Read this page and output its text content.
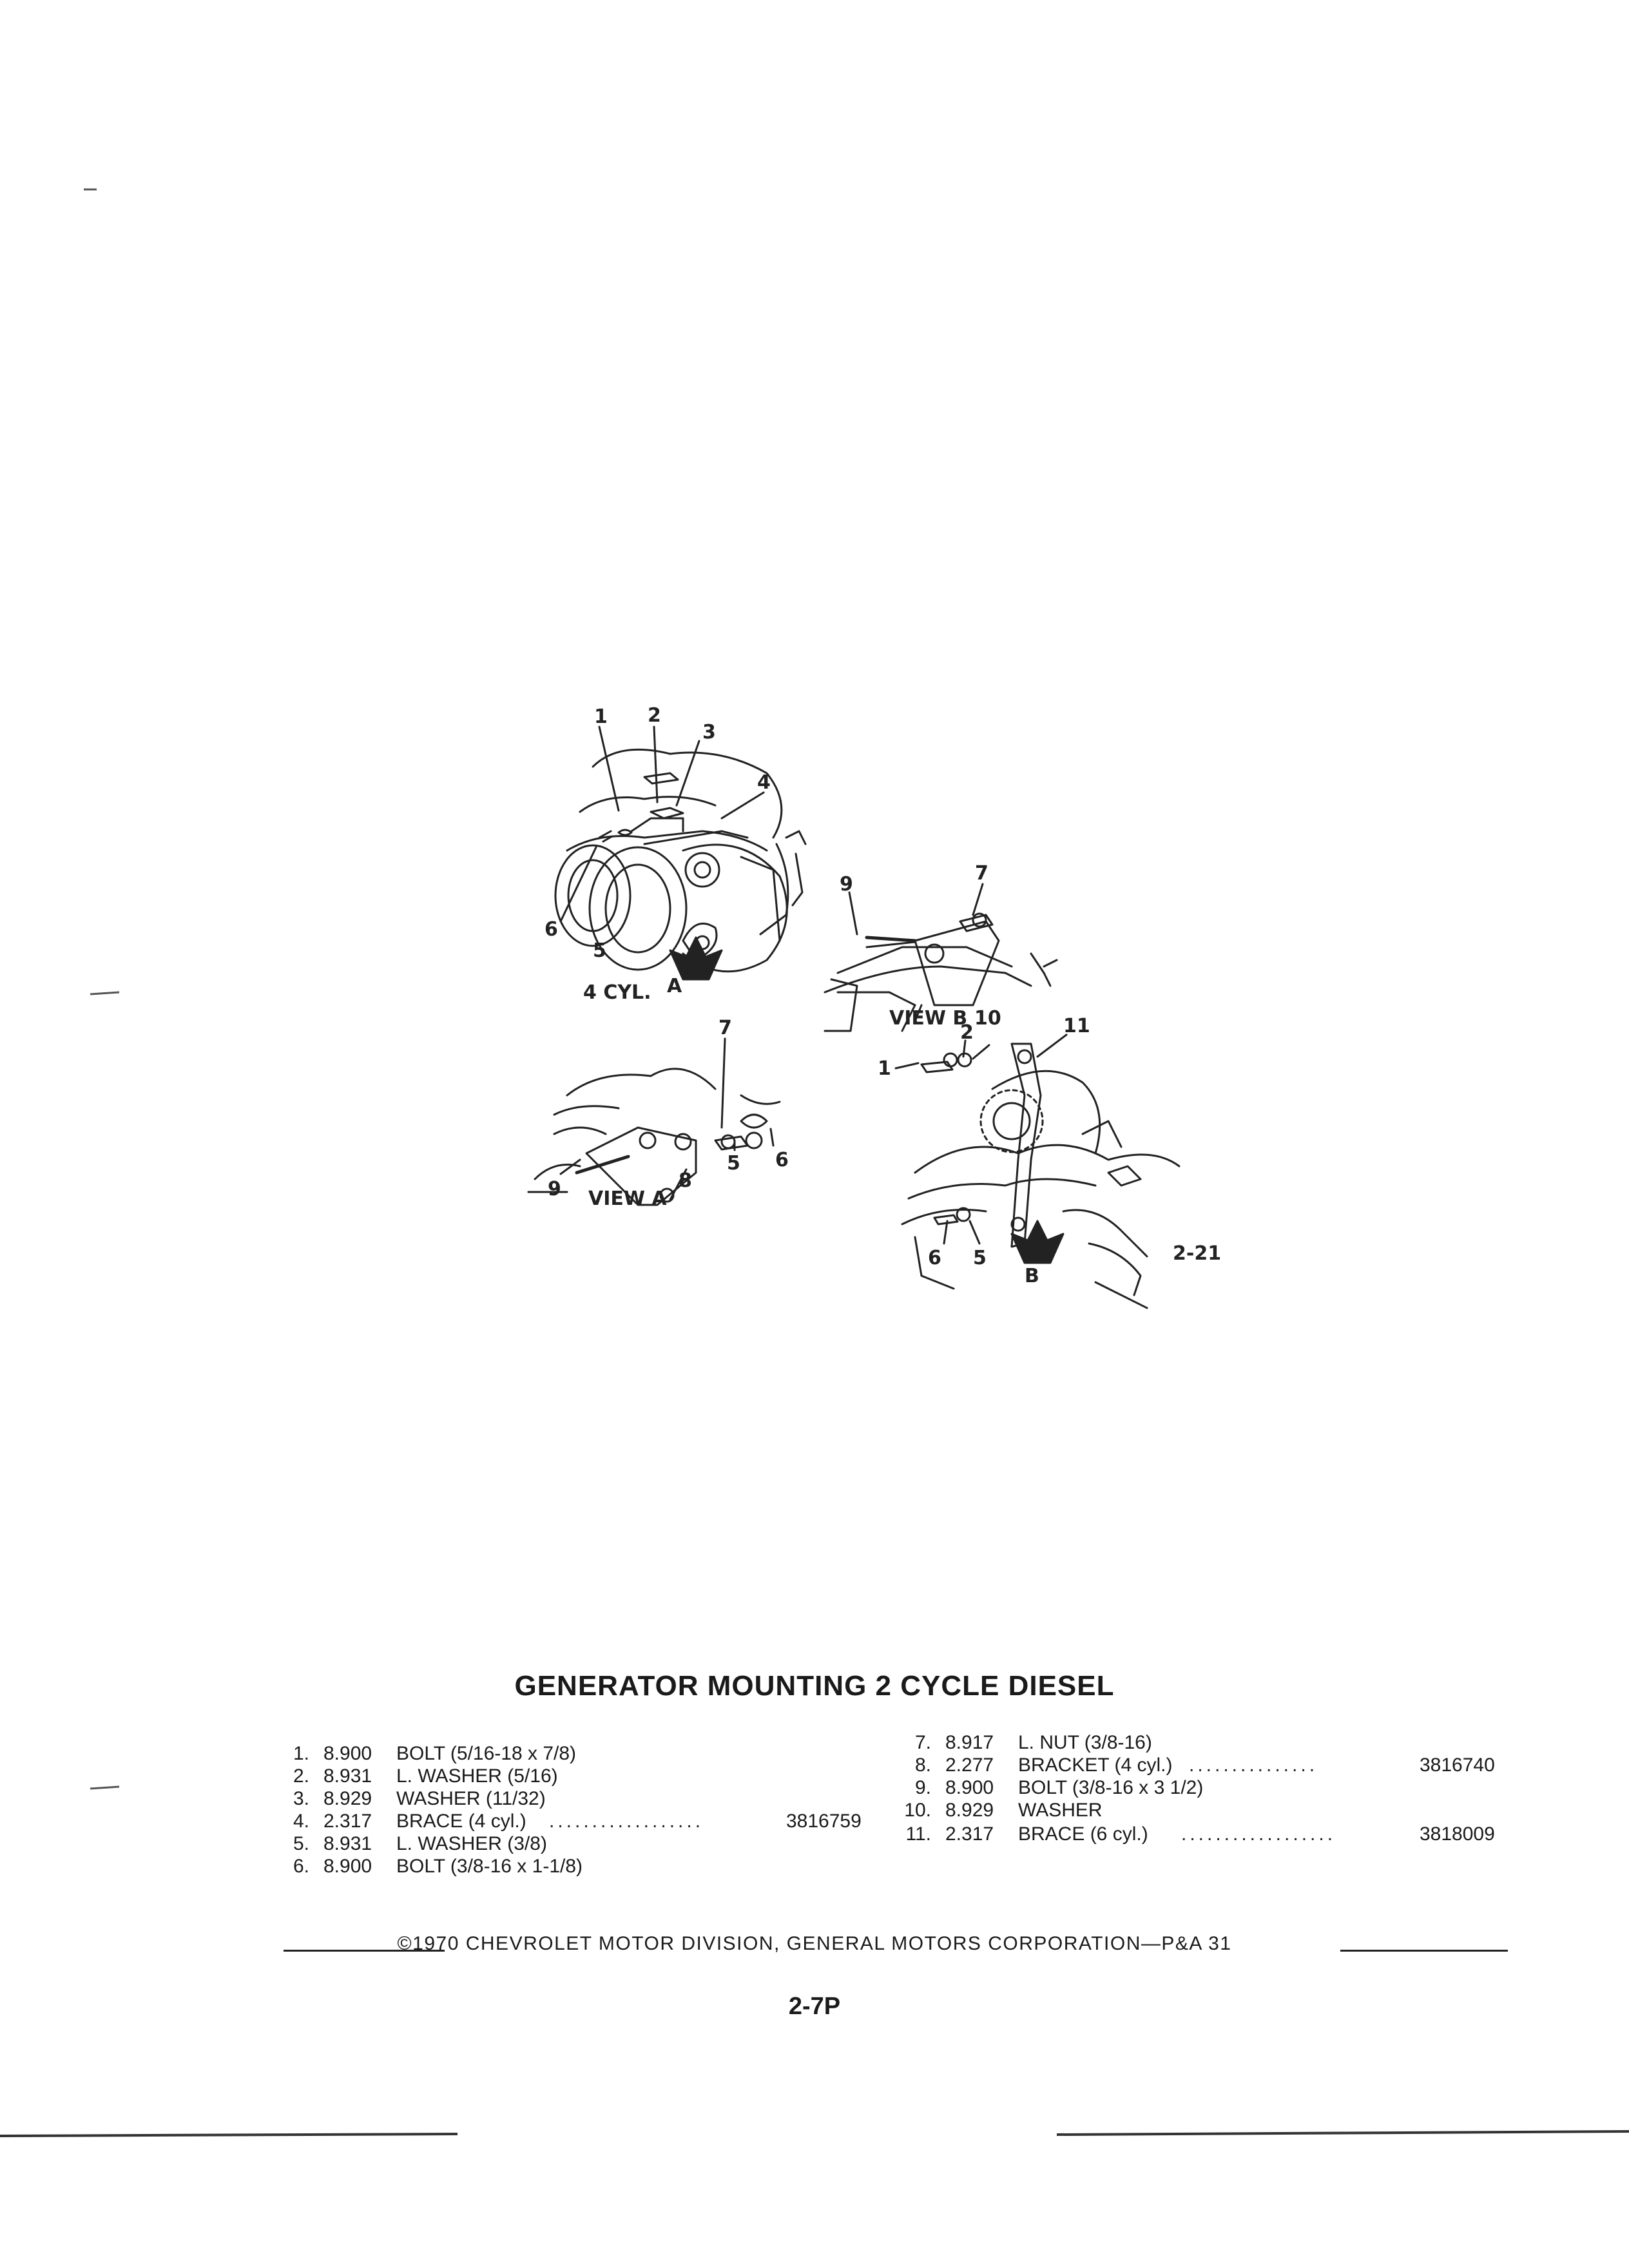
1 2
3
4
6
5
4 CYL. A
7
5 6
9	8
VIEW A
9	7
VIEW B 10
2
1
11
6 5
B
2-21
GENERATOR MOUNTING 2 CYCLE DIESEL
1. 8.900 BOLT (5/16-18 x 7/8)
2. 8.931 L. WASHER (5/16)
3. 8.929 WASHER (11/32)
4. 2.317 BRACE (4 cyl.) ..................	3816759
5. 8.931 L. WASHER (3/8)
6. 8.900 BOLT (3/8-16 x 1-1/8)
7. 8.917 L. NUT (3/8-16)
8. 2.277 BRACKET (4 cyl.) ...............	3816740
9. 8.900 BOLT (3/8-16 x 3 1/2)
10. 8.929 WASHER
11. 2.317 BRACE (6 cyl.) ..................	3818009
©1970 CHEVROLET MOTOR DIVISION, GENERAL MOTORS CORPORATION—P&A 31
2-7P
